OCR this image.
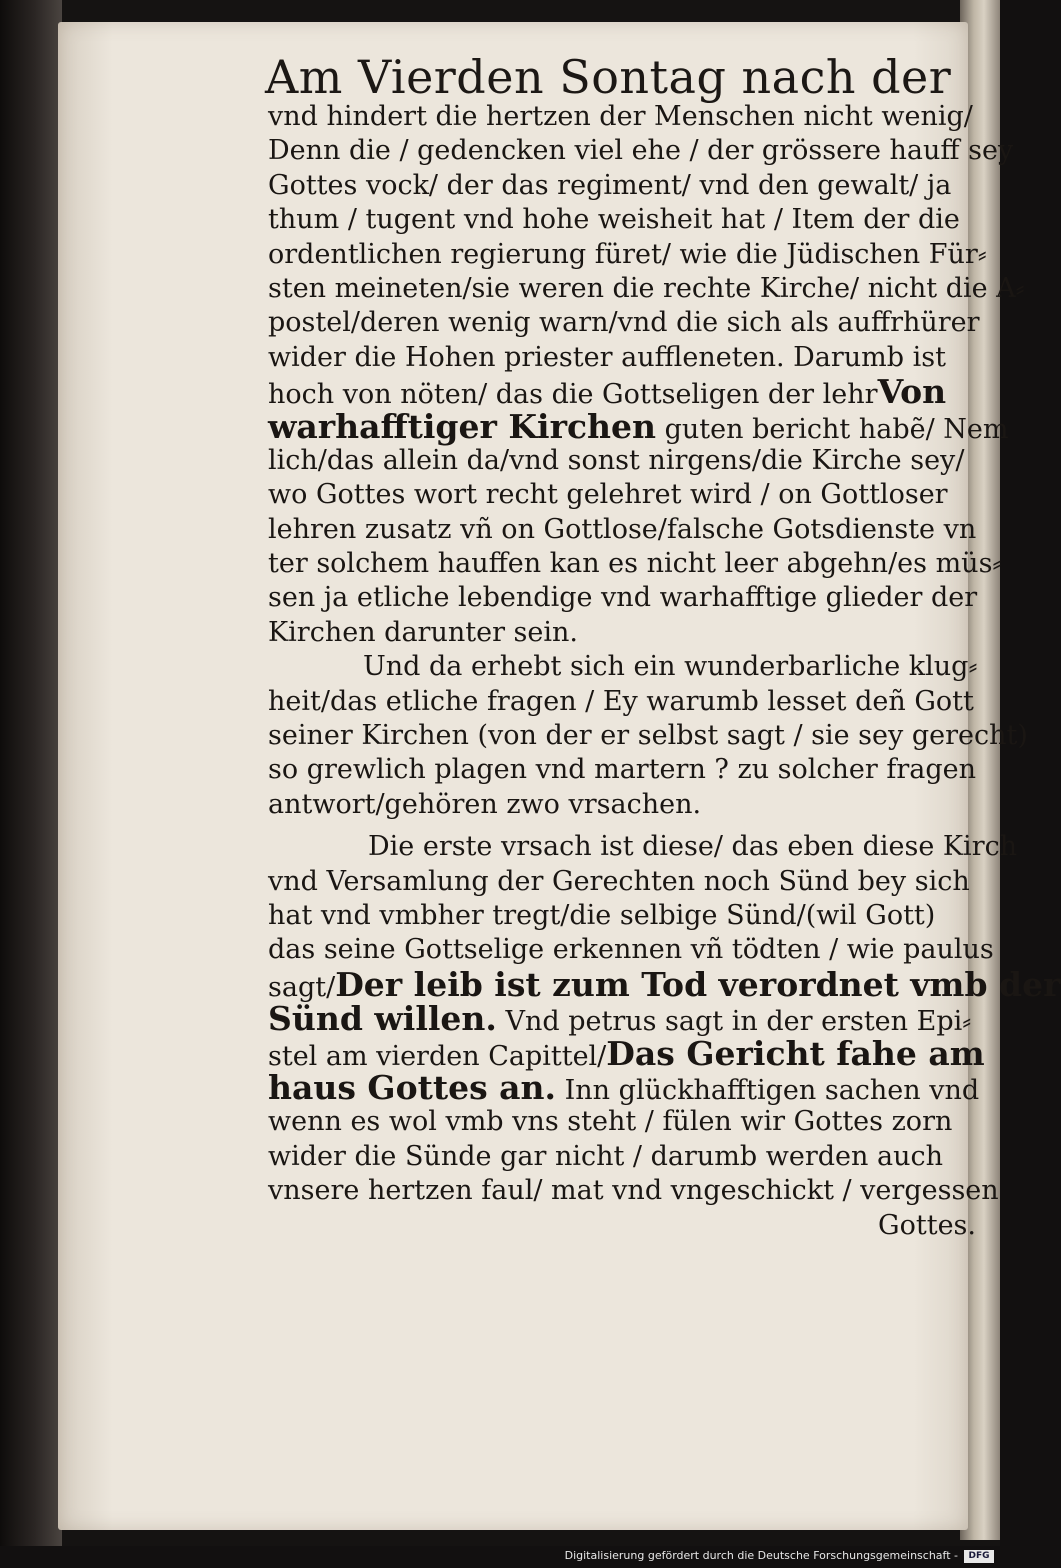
Am Vierden Sontag nach der
vnd hindert die hertzen der Menschen nicht wenig/
Denn die / gedencken viel ehe / der grössere hauff sey
Gottes vock/ der das regiment/ vnd den gewalt/ ja
thum / tugent vnd hohe weisheit hat / Item der die
ordentlichen regierung füret/ wie die Jüdischen Für⸗
sten meineten/sie weren die rechte Kirche/ nicht die A⸗
postel/deren wenig warn/vnd die sich als auffrhürer
wider die Hohen priester auffleneten. Darumb ist
hoch von nöten/ das die Gottseligen der lehrVon
warhafftiger Kirchen guten bericht habẽ/ Nem
lich/das allein da/vnd sonst nirgens/die Kirche sey/
wo Gottes wort recht gelehret wird / on Gottloser
lehren zusatz vñ on Gottlose/falsche Gotsdienste vn
ter solchem hauffen kan es nicht leer abgehn/es müs⸗
sen ja etliche lebendige vnd warhafftige glieder der
Kirchen darunter sein.
Und da erhebt sich ein wunderbarliche klug⸗
heit/das etliche fragen / Ey warumb lesset deñ Gott
seiner Kirchen (von der er selbst sagt / sie sey gerecht)
so grewlich plagen vnd martern ? zu solcher fragen
antwort/gehören zwo vrsachen.
Die erste vrsach ist diese/ das eben diese Kirch
vnd Versamlung der Gerechten noch Sünd bey sich
hat vnd vmbher tregt/die selbige Sünd/(wil Gott)
das seine Gottselige erkennen vñ tödten / wie paulus
sagt/Der leib ist zum Tod verordnet vmb der
Sünd willen. Vnd petrus sagt in der ersten Epi⸗
stel am vierden Capittel/Das Gericht fahe am
haus Gottes an. Inn glückhafftigen sachen vnd
wenn es wol vmb vns steht / fülen wir Gottes zorn
wider die Sünde gar nicht / darumb werden auch
vnsere hertzen faul/ mat vnd vngeschickt / vergessen
Gottes.
Digitalisierung gefördert durch die Deutsche Forschungsgemeinschaft -	DFG
